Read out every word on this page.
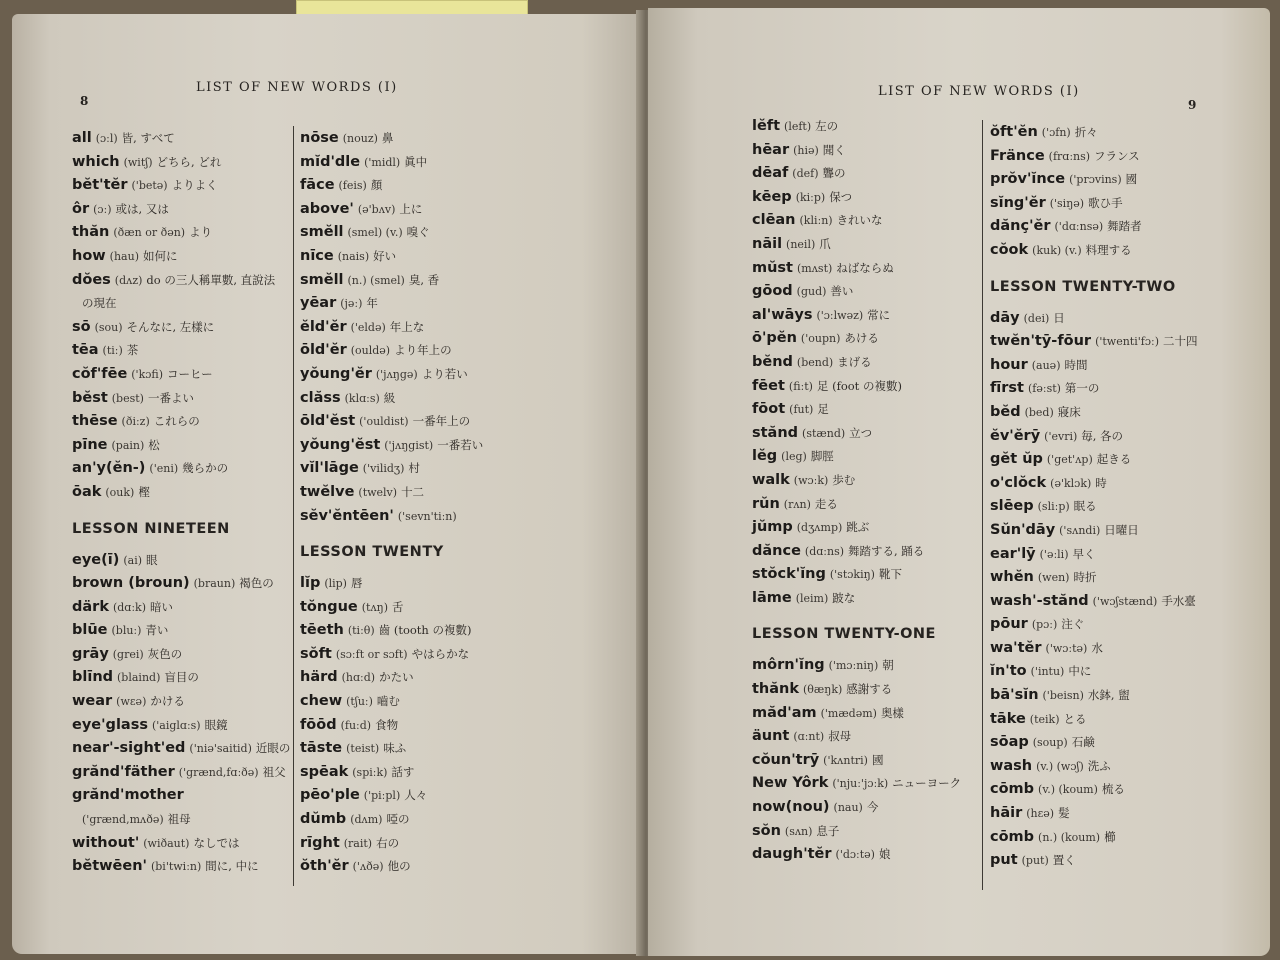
8
LIST OF NEW WORDS (I)
all (ɔːl) 皆, すべて
which (witʃ) どちら, どれ
bĕt'tĕr ('betə) よりよく
ôr (ɔː) 或は, 又は
thăn (ðæn or ðən) より
how (hau) 如何に
dŏes (dʌz) do の三人稱單數, 直說法
の現在
sō (sou) そんなに, 左樣に
tēa (tiː) 茶
cŏf'fēe ('kɔfi) コーヒー
bĕst (best) 一番よい
thēse (ðiːz) これらの
pīne (pain) 松
an'y(ĕn-) ('eni) 幾らかの
ōak (ouk) 樫
LESSON NINETEEN
eye(ī) (ai) 眼
brown (broun) (braun) 褐色の
därk (dɑːk) 暗い
blūe (bluː) 青い
grāy (grei) 灰色の
blīnd (blaind) 盲目の
wear (wɛə) かける
eye'glass ('aiglɑːs) 眼鏡
near'-sight'ed ('niə'saitid) 近眼の
grănd'fäther ('grænd,fɑːðə) 祖父
grănd'mother
('grænd,mʌðə) 祖母
without' (wiðaut) なしでは
bĕtwēen' (bi'twiːn) 間に, 中に
nōse (nouz) 鼻
mĭd'dle ('midl) 眞中
fāce (feis) 顏
above' (ə'bʌv) 上に
smĕll (smel) (v.) 嗅ぐ
nīce (nais) 好い
smĕll (n.) (smel) 臭, 香
yēar (jəː) 年
ĕld'ĕr ('eldə) 年上な
ōld'ĕr (ouldə) より年上の
yŏung'ĕr ('jʌŋgə) より若い
clăss (klɑːs) 級
ōld'ĕst ('ouldist) 一番年上の
yŏung'ĕst ('jʌŋgist) 一番若い
vĭl'lāge ('vilidʒ) 村
twĕlve (twelv) 十二
sĕv'ĕntēen' ('sevn'tiːn)
LESSON TWENTY
lĭp (lip) 唇
tŏngue (tʌŋ) 舌
tēeth (tiːθ) 齒 (tooth の複數)
sŏft (sɔːft or sɔft) やはらかな
härd (hɑːd) かたい
chew (tʃuː) 嚙む
fōōd (fuːd) 食物
tāste (teist) 味ふ
spēak (spiːk) 話す
pēo'ple ('piːpl) 人々
dŭmb (dʌm) 啞の
rīght (rait) 右の
ŏth'ĕr ('ʌðə) 他の
LIST OF NEW WORDS (I)
9
lĕft (left) 左の
hēar (hiə) 聞く
dēaf (def) 聾の
kēep (kiːp) 保つ
clēan (kliːn) きれいな
nāil (neil) 爪
mŭst (mʌst) ねばならぬ
gōod (gud) 善い
al'wāys ('ɔːlwəz) 常に
ō'pĕn ('oupn) あける
bĕnd (bend) まげる
fēet (fiːt) 足 (foot の複數)
fōot (fut) 足
stănd (stænd) 立つ
lĕg (leg) 脚脛
walk (wɔːk) 歩む
rŭn (rʌn) 走る
jŭmp (dʒʌmp) 跳ぶ
dănce (dɑːns) 舞踏する, 踊る
stŏck'ĭng ('stɔkiŋ) 靴下
lāme (leim) 跛な
LESSON TWENTY-ONE
môrn'ĭng ('mɔːniŋ) 朝
thănk (θæŋk) 感謝する
măd'am ('mædəm) 奥樣
äunt (ɑːnt) 叔母
cŏun'trȳ ('kʌntri) 國
New Yôrk ('njuː'jɔːk) ニューヨーク
now(nou) (nau) 今
sŏn (sʌn) 息子
daugh'tĕr ('dɔːtə) 娘
ŏft'ĕn ('ɔfn) 折々
Fränce (frɑːns) フランス
prŏv'ĭnce ('prɔvins) 國
sĭng'ĕr ('siŋə) 歌ひ手
dănç'ĕr ('dɑːnsə) 舞踏者
cŏok (kuk) (v.) 料理する
LESSON TWENTY-TWO
dāy (dei) 日
twĕn'tȳ-fōur ('twenti'fɔː) 二十四
hour (auə) 時間
fīrst (fəːst) 第一の
bĕd (bed) 寢床
ĕv'ĕrȳ ('evri) 毎, 各の
gĕt ŭp ('get'ʌp) 起きる
o'clŏck (ə'klɔk) 時
slēep (sliːp) 眠る
Sŭn'dāy ('sʌndi) 日曜日
ear'lȳ ('əːli) 早く
whĕn (wen) 時折
wash'-stănd ('wɔʃstænd) 手水臺
pōur (pɔː) 注ぐ
wa'tĕr ('wɔːtə) 水
ĭn'to ('intu) 中に
bā'sĭn ('beisn) 水鉢, 盥
tāke (teik) とる
sōap (soup) 石鹸
wash (v.) (wɔʃ) 洗ふ
cōmb (v.) (koum) 梳る
hāir (hɛə) 髪
cōmb (n.) (koum) 櫛
put (put) 置く
